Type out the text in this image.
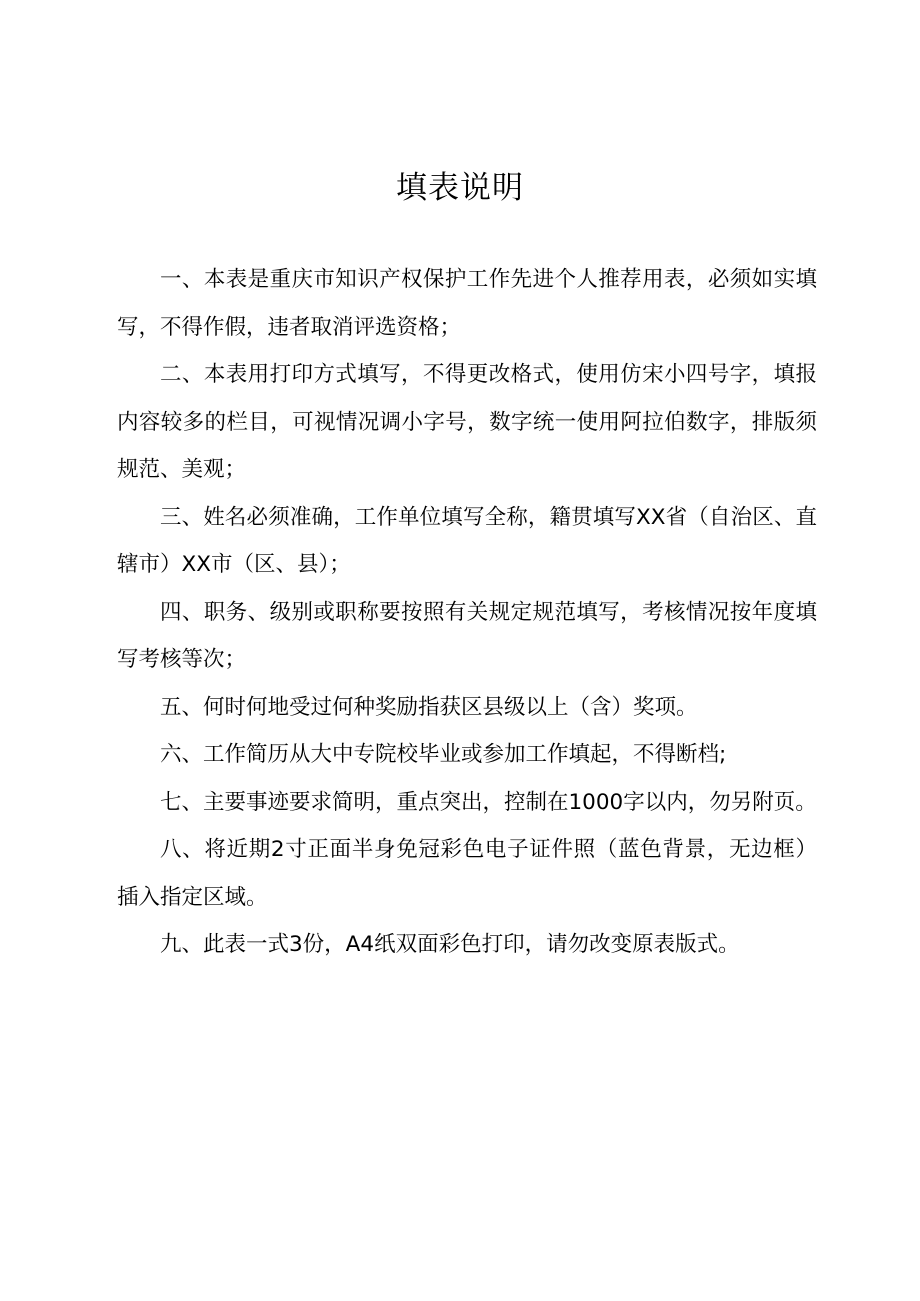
填表说明

一、本表是重庆市知识产权保护工作先进个人推荐用表，必须如实填写，不得作假，违者取消评选资格；

二、本表用打印方式填写，不得更改格式，使用仿宋小四号字，填报内容较多的栏目，可视情况调小字号，数字统一使用阿拉伯数字，排版须规范、美观；

三、姓名必须准确，工作单位填写全称，籍贯填写XX省（自治区、直辖市）XX市（区、县）；

四、职务、级别或职称要按照有关规定规范填写，考核情况按年度填写考核等次；

五、何时何地受过何种奖励指获区县级以上（含）奖项。

六、工作简历从大中专院校毕业或参加工作填起，不得断档;

七、主要事迹要求简明，重点突出，控制在1000字以内，勿另附页。

八、将近期2寸正面半身免冠彩色电子证件照（蓝色背景，无边框）插入指定区域。

九、此表一式3份，A4纸双面彩色打印，请勿改变原表版式。
